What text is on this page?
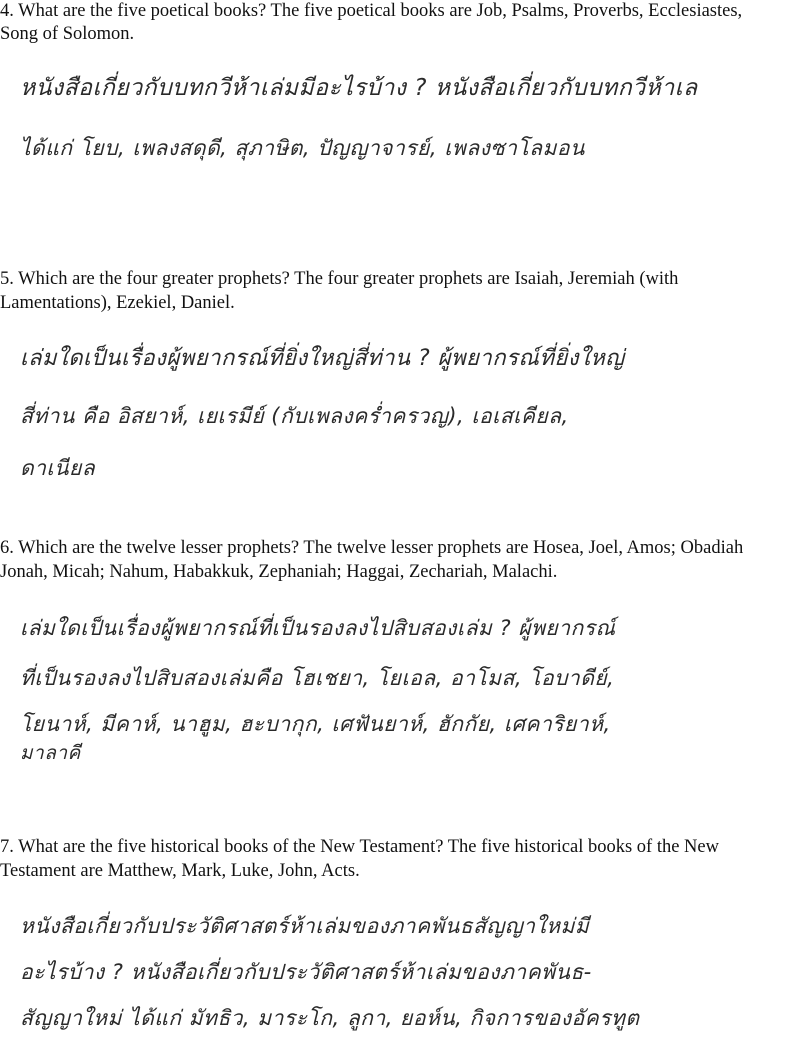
4. What are the five poetical books? The five poetical books are Job, Psalms, Proverbs, Ecclesiastes,

Song of Solomon.

หนังสือเกี่ยวกับบทกวีห้าเล่มมีอะไรบ้าง ? หนังสือเกี่ยวกับบทกวีห้าเล
ได้แก่ โยบ, เพลงสดุดี, สุภาษิต, ปัญญาจารย์, เพลงซาโลมอน

5. Which are the four greater prophets? The four greater prophets are Isaiah, Jeremiah (with

Lamentations), Ezekiel, Daniel.

เล่มใดเป็นเรื่องผู้พยากรณ์ที่ยิ่งใหญ่สี่ท่าน ? ผู้พยากรณ์ที่ยิ่งใหญ่
สี่ท่าน คือ อิสยาห์, เยเรมีย์ (กับเพลงคร่ำครวญ), เอเสเคียล,
ดาเนียล

6. Which are the twelve lesser prophets? The twelve lesser prophets are Hosea, Joel, Amos; Obadiah

Jonah, Micah; Nahum, Habakkuk, Zephaniah; Haggai, Zechariah, Malachi.

เล่มใดเป็นเรื่องผู้พยากรณ์ที่เป็นรองลงไปสิบสองเล่ม ? ผู้พยากรณ์
ที่เป็นรองลงไปสิบสองเล่มคือ โฮเชยา, โยเอล, อาโมส, โอบาดีย์,
โยนาห์, มีคาห์, นาฮูม, ฮะบากุก, เศฟันยาห์, ฮักกัย, เศคาริยาห์,
มาลาคี

7. What are the five historical books of the New Testament? The five historical books of the New

Testament are Matthew, Mark, Luke, John, Acts.

หนังสือเกี่ยวกับประวัติศาสตร์ห้าเล่มของภาคพันธสัญญาใหม่มี
อะไรบ้าง ? หนังสือเกี่ยวกับประวัติศาสตร์ห้าเล่มของภาคพันธ-
สัญญาใหม่ ได้แก่ มัทธิว, มาระโก, ลูกา, ยอห์น, กิจการของอัครทูต
